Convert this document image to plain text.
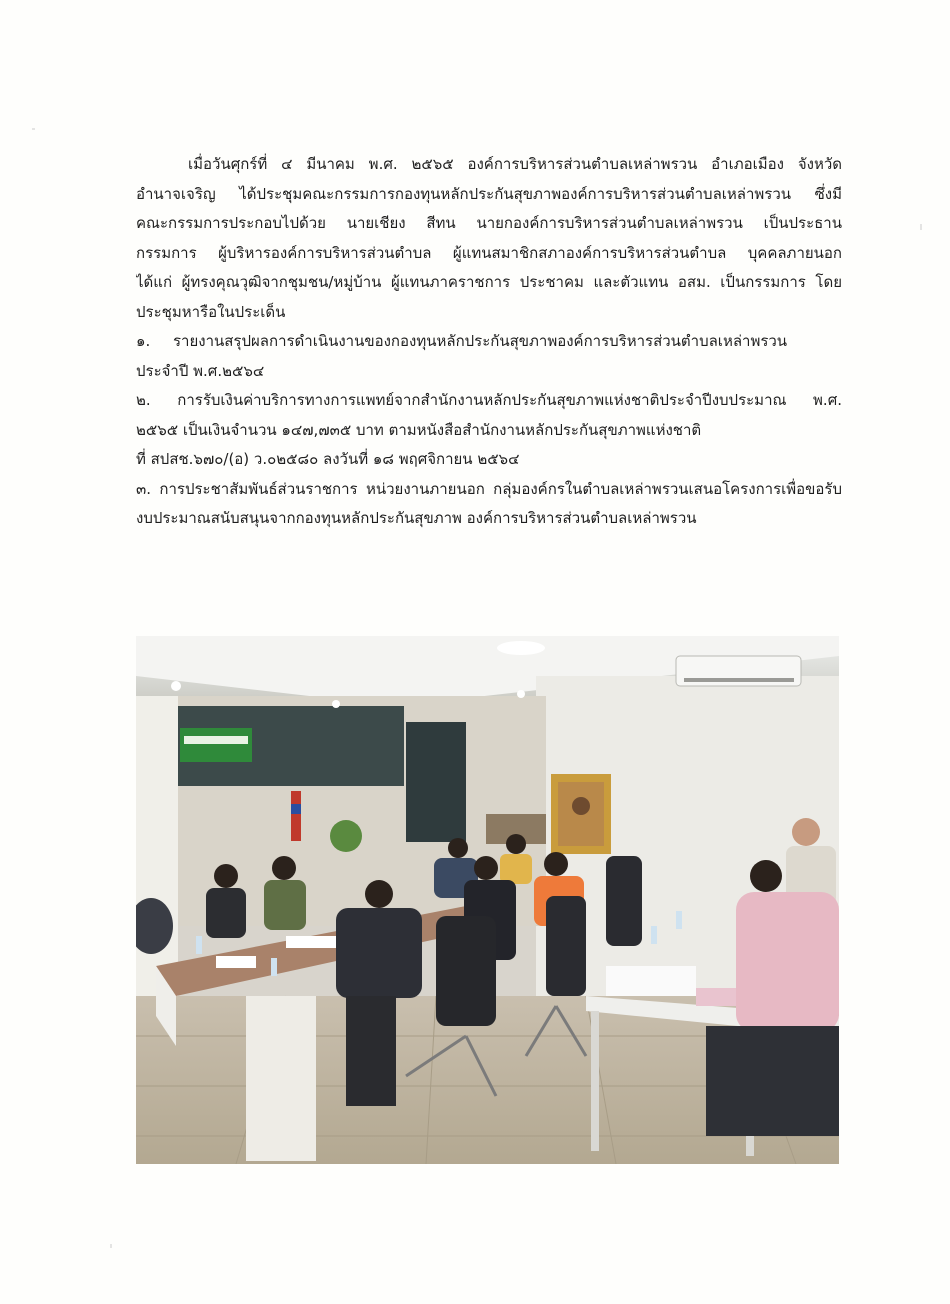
เมื่อวันศุกร์ที่ ๔ มีนาคม พ.ศ. ๒๕๖๕ องค์การบริหารส่วนตำบลเหล่าพรวน อำเภอเมือง จังหวัด
อำนาจเจริญ ได้ประชุมคณะกรรมการกองทุนหลักประกันสุขภาพองค์การบริหารส่วนตำบลเหล่าพรวน ซึ่งมี
คณะกรรมการประกอบไปด้วย นายเชียง สีทน นายกองค์การบริหารส่วนตำบลเหล่าพรวน เป็นประธาน
กรรมการ ผู้บริหารองค์การบริหารส่วนตำบล ผู้แทนสมาชิกสภาองค์การบริหารส่วนตำบล บุคคลภายนอก
ได้แก่ ผู้ทรงคุณวุฒิจากชุมชน/หมู่บ้าน ผู้แทนภาคราชการ ประชาคม และตัวแทน อสม. เป็นกรรมการ โดย
ประชุมหารือในประเด็น
๑.	รายงานสรุปผลการดำเนินงานของกองทุนหลักประกันสุขภาพองค์การบริหารส่วนตำบลเหล่าพรวน
ประจำปี พ.ศ.๒๕๖๔
๒. การรับเงินค่าบริการทางการแพทย์จากสำนักงานหลักประกันสุขภาพแห่งชาติประจำปีงบประมาณ พ.ศ.
๒๕๖๕ เป็นเงินจำนวน ๑๔๗,๗๓๕ บาท ตามหนังสือสำนักงานหลักประกันสุขภาพแห่งชาติ
ที่ สปสช.๖๗๐/(อ) ว.๐๒๕๘๐ ลงวันที่ ๑๘ พฤศจิกายน ๒๕๖๔
๓. การประชาสัมพันธ์ส่วนราชการ หน่วยงานภายนอก กลุ่มองค์กรในตำบลเหล่าพรวนเสนอโครงการเพื่อขอรับ
งบประมาณสนับสนุนจากกองทุนหลักประกันสุขภาพ องค์การบริหารส่วนตำบลเหล่าพรวน
